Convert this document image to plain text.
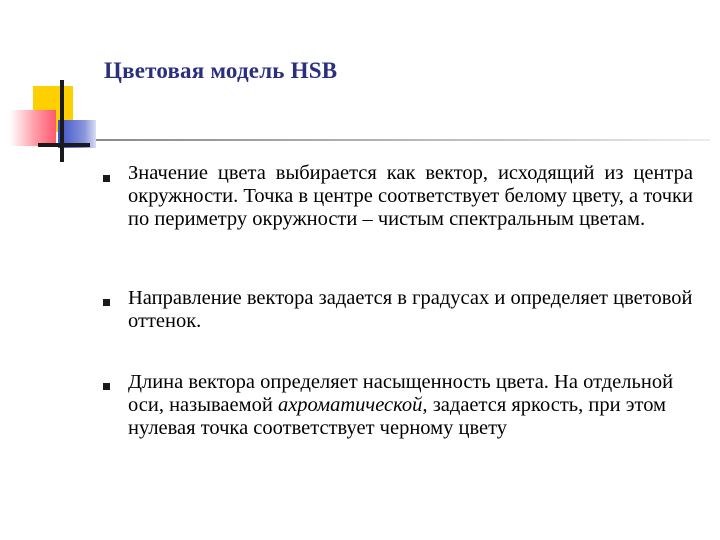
Цветовая модель HSB
Значение цвета выбирается как вектор, исходящий из центра окружности. Точка в центре соответствует белому цвету, а точки по периметру окружности – чистым спектральным цветам.
Направление вектора задается в градусах и определяет цветовой оттенок.
Длина вектора определяет насыщенность цвета. На отдельной оси, называемой ахроматической, задается яркость, при этом нулевая точка соответствует черному цвету
